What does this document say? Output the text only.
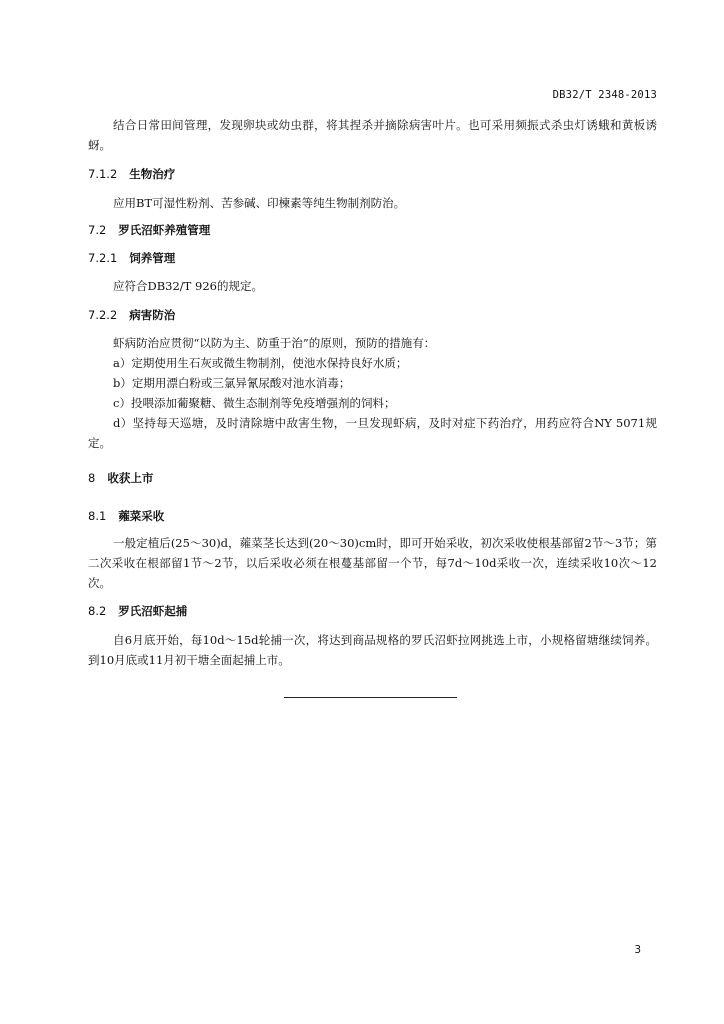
DB32/T 2348-2013

结合日常田间管理，发现卵块或幼虫群，将其捏杀并摘除病害叶片。也可采用频振式杀虫灯诱蛾和黄板诱蚜。

7.1.2 生物治疗

应用BT可湿性粉剂、苦参碱、印楝素等纯生物制剂防治。

7.2 罗氏沼虾养殖管理
7.2.1 饲养管理

应符合DB32/T 926的规定。

7.2.2 病害防治

虾病防治应贯彻“以防为主、防重于治”的原则，预防的措施有：

a）定期使用生石灰或微生物制剂，使池水保持良好水质；

b）定期用漂白粉或三氯异氰尿酸对池水消毒；

c）投喂添加葡聚糖、微生态制剂等免疫增强剂的饲料；

d）坚持每天巡塘，及时清除塘中敌害生物，一旦发现虾病，及时对症下药治疗，用药应符合NY 5071规定。

8 收获上市
8.1 蕹菜采收

一般定植后(25～30)d，蕹菜茎长达到(20～30)cm时，即可开始采收，初次采收使根基部留2节～3节；第二次采收在根部留1节～2节，以后采收必须在根蔓基部留一个节，每7d～10d采收一次，连续采收10次～12次。

8.2 罗氏沼虾起捕

自6月底开始，每10d～15d轮捕一次，将达到商品规格的罗氏沼虾拉网挑选上市，小规格留塘继续饲养。到10月底或11月初干塘全面起捕上市。

3
